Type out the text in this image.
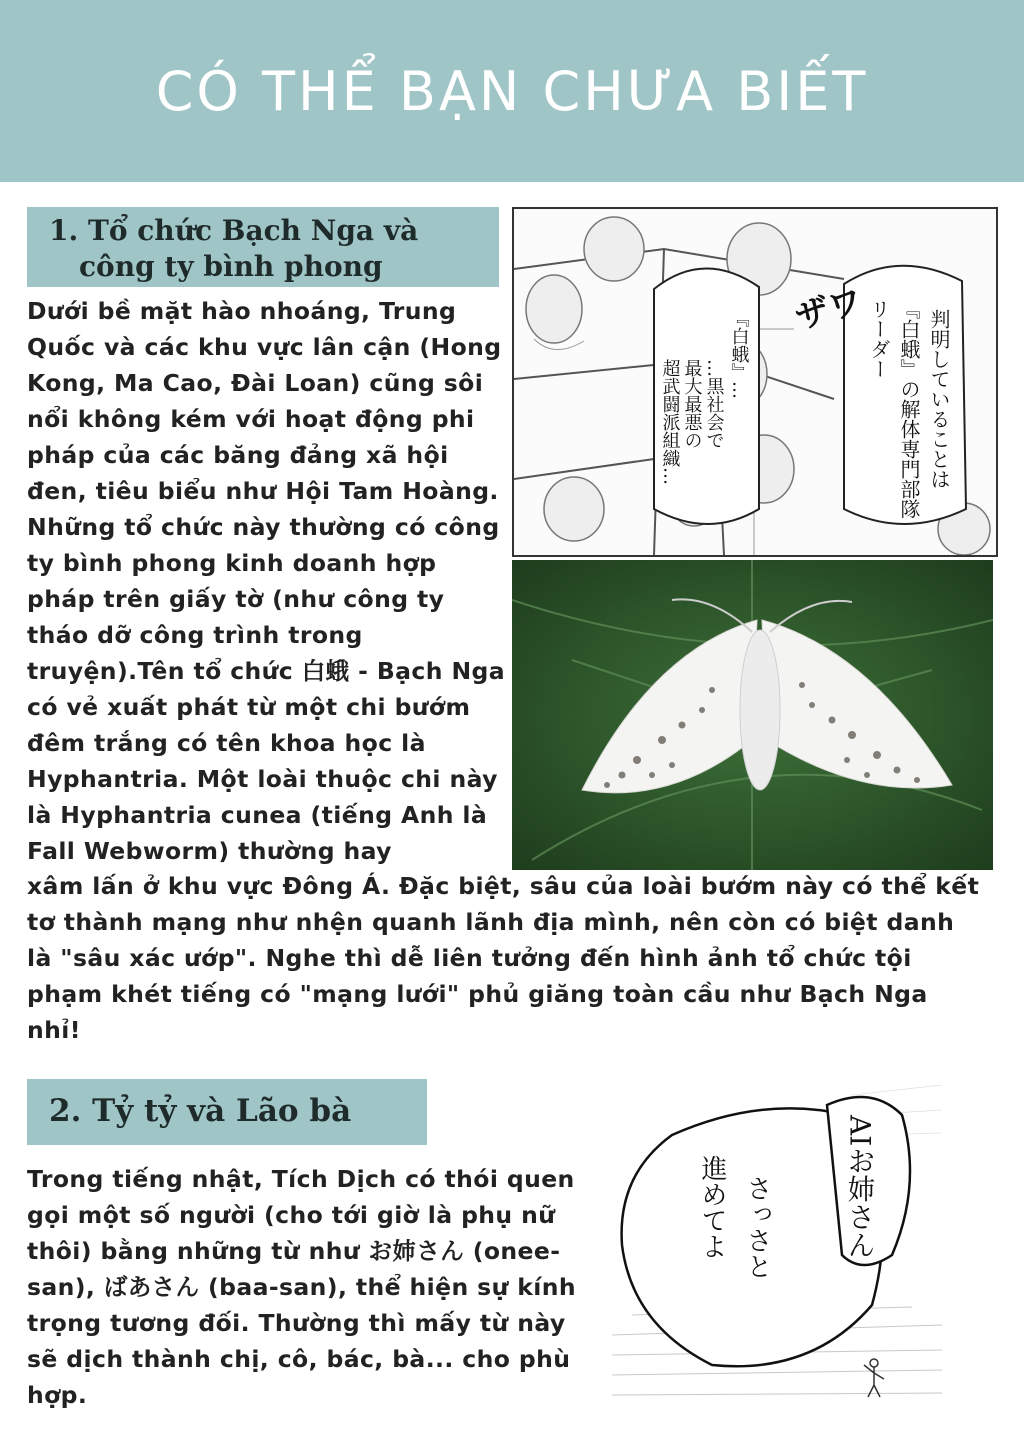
CÓ THỂ BẠN CHƯA BIẾT
1. Tổ chức Bạch Nga và
công ty bình phong
Dưới bề mặt hào nhoáng, Trung Quốc và các khu vực lân cận (Hong Kong, Ma Cao, Đài Loan) cũng sôi nổi không kém với hoạt động phi pháp của các băng đảng xã hội đen, tiêu biểu như Hội Tam Hoàng. Những tổ chức này thường có công ty bình phong kinh doanh hợp pháp trên giấy tờ (như công ty tháo dỡ công trình trong truyện).Tên tổ chức 白蛾 - Bạch Nga có vẻ xuất phát từ một chi bướm đêm trắng có tên khoa học là Hyphantria. Một loài thuộc chi này là Hyphantria cunea (tiếng Anh là Fall Webworm) thường hay
xâm lấn ở khu vực Đông Á. Đặc biệt, sâu của loài bướm này có thể kết tơ thành mạng như nhện quanh lãnh địa mình, nên còn có biệt danh là "sâu xác ướp". Nghe thì dễ liên tưởng đến hình ảnh tổ chức tội phạm khét tiếng có "mạng lưới" phủ giăng toàn cầu như Bạch Nga nhỉ!
ザワ	判明していることは
『白蛾』の解体専門部隊
リーダー
『白蛾』…
…黒社会で
最大最悪の
超武闘派組織…
2. Tỷ tỷ và Lão bà
Trong tiếng nhật, Tích Dịch có thói quen gọi một số người (cho tới giờ là phụ nữ thôi) bằng những từ như お姉さん (onee-san), ばあさん (baa-san), thể hiện sự kính trọng tương đối. Thường thì mấy từ này sẽ dịch thành chị, cô, bác, bà... cho phù hợp.
AIお姉さん
さっさと
進めてよ
